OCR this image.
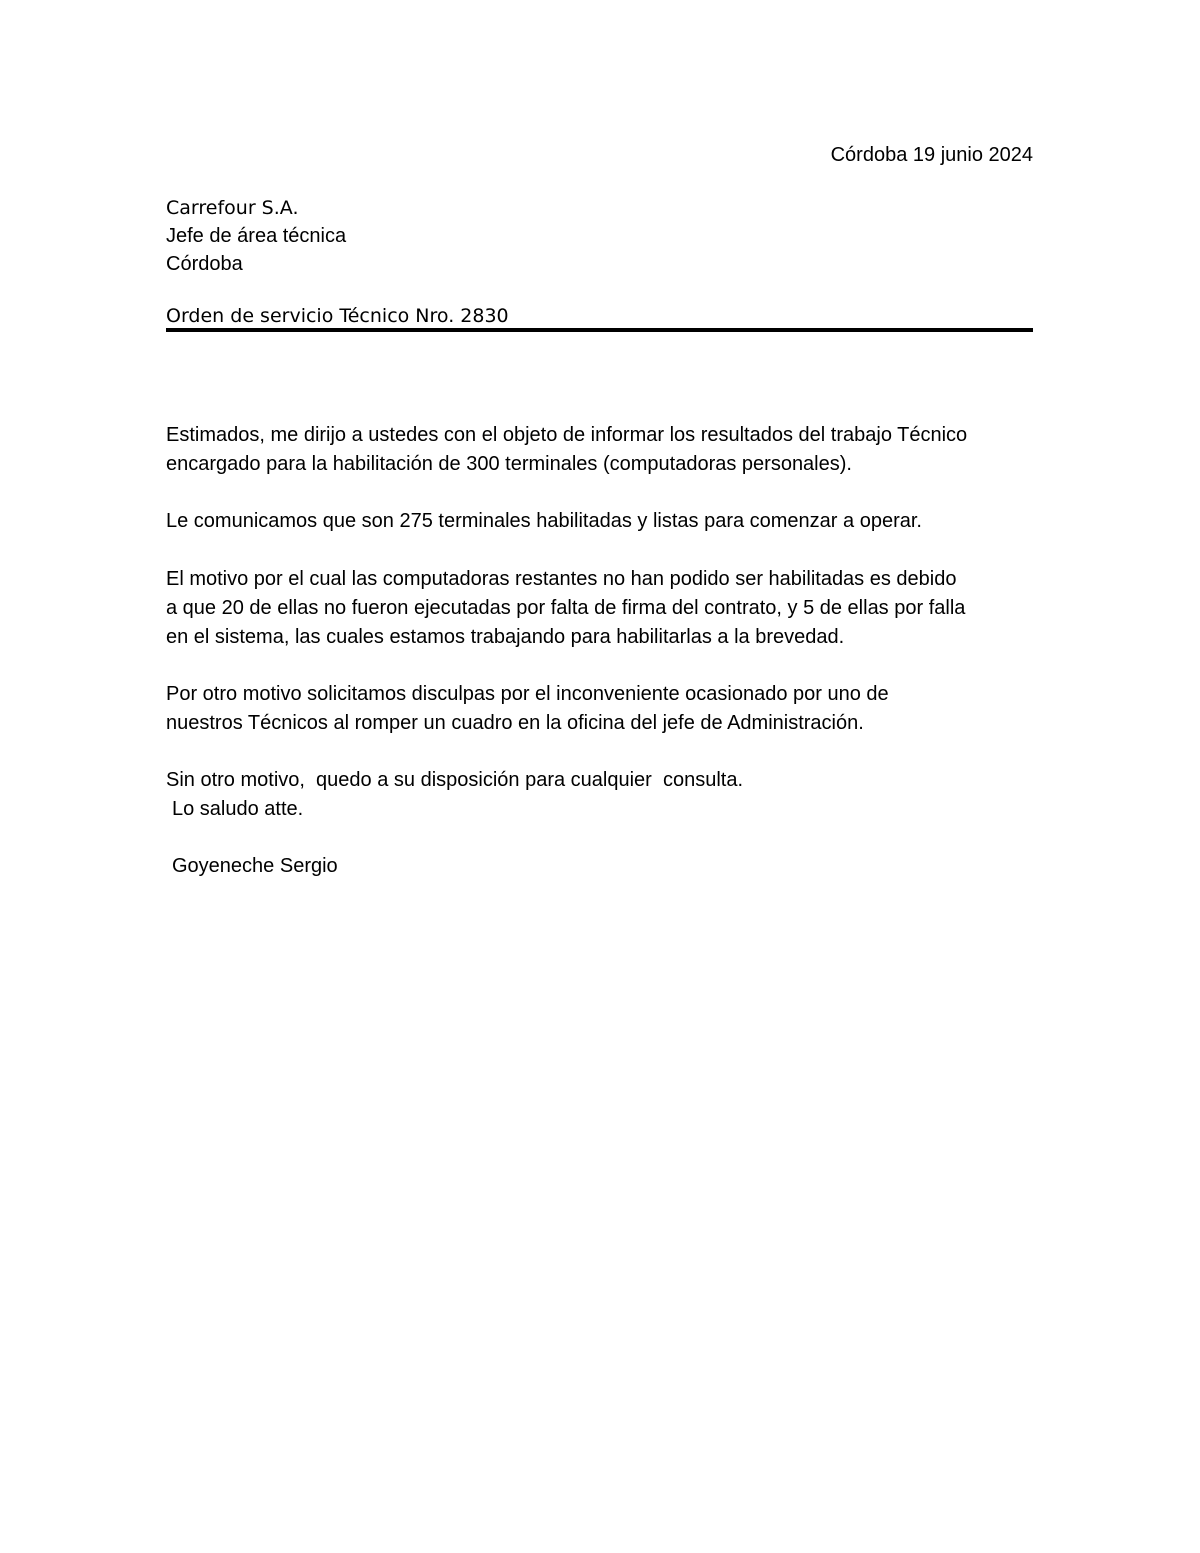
Córdoba 19 junio 2024
Carrefour S.A.
Jefe de área técnica
Córdoba
Orden de servicio Técnico Nro. 2830
Estimados, me dirijo a ustedes con el objeto de informar los resultados del trabajo Técnico
encargado para la habilitación de 300 terminales (computadoras personales).
Le comunicamos que son 275 terminales habilitadas y listas para comenzar a operar.
El motivo por el cual las computadoras restantes no han podido ser habilitadas es debido
a que 20 de ellas no fueron ejecutadas por falta de firma del contrato, y 5 de ellas por falla
en el sistema, las cuales estamos trabajando para habilitarlas a la brevedad.
Por otro motivo solicitamos disculpas por el inconveniente ocasionado por uno de
nuestros Técnicos al romper un cuadro en la oficina del jefe de Administración.
Sin otro motivo,  quedo a su disposición para cualquier  consulta.
Lo saludo atte.
Goyeneche Sergio
